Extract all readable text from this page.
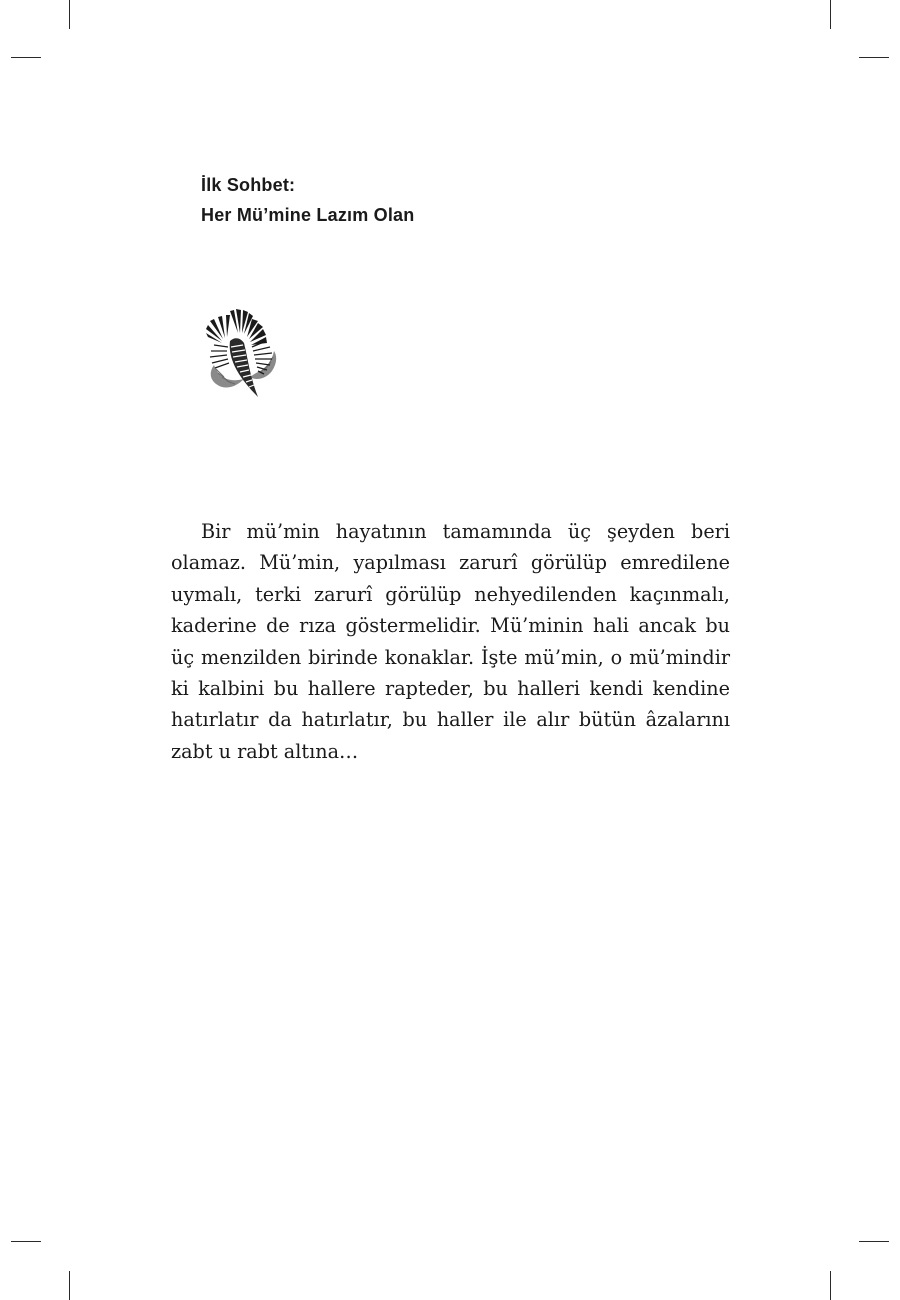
İlk Sohbet:
Her Mü’mine Lazım Olan

Bir mü’min hayatının tamamında üç şeyden beri olamaz. Mü’min, yapılması zarurî görülüp emredilene uymalı, terki zarurî görülüp nehyedilenden kaçınmalı, kaderine de rıza göstermelidir. Mü’minin hali ancak bu üç menzilden birinde konaklar. İşte mü’min, o mü’mindir ki kalbini bu hallere rapteder, bu halleri kendi kendine hatırlatır da hatırlatır, bu haller ile alır bütün âzalarını zabt u rabt altına…
